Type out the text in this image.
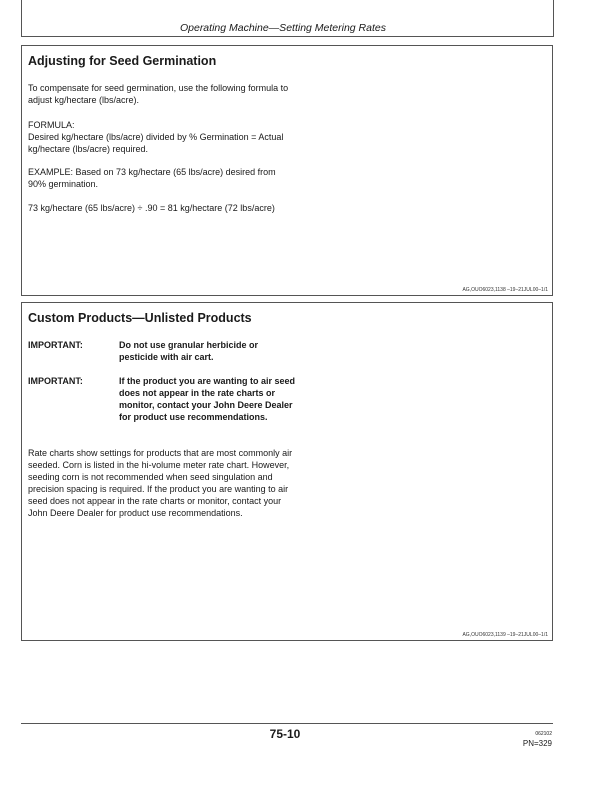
Operating Machine—Setting Metering Rates
Adjusting for Seed Germination
To compensate for seed germination, use the following formula to adjust kg/hectare (lbs/acre).
FORMULA:
Desired kg/hectare (lbs/acre) divided by % Germination = Actual kg/hectare (lbs/acre) required.
EXAMPLE: Based on 73 kg/hectare (65 lbs/acre) desired from 90% germination.
73 kg/hectare (65 lbs/acre) ÷ .90 = 81 kg/hectare (72 lbs/acre)
AG,OUO6023,1138 –19–21JUL00–1/1
Custom Products—Unlisted Products
IMPORTANT:	Do not use granular herbicide or pesticide with air cart.
IMPORTANT:	If the product you are wanting to air seed does not appear in the rate charts or monitor, contact your John Deere Dealer for product use recommendations.
Rate charts show settings for products that are most commonly air seeded. Corn is listed in the hi-volume meter rate chart. However, seeding corn is not recommended when seed singulation and precision spacing is required. If the product you are wanting to air seed does not appear in the rate charts or monitor, contact your John Deere Dealer for product use recommendations.
AG,OUO6023,1139 –19–21JUL00–1/1
75-10	062102
PN=329
